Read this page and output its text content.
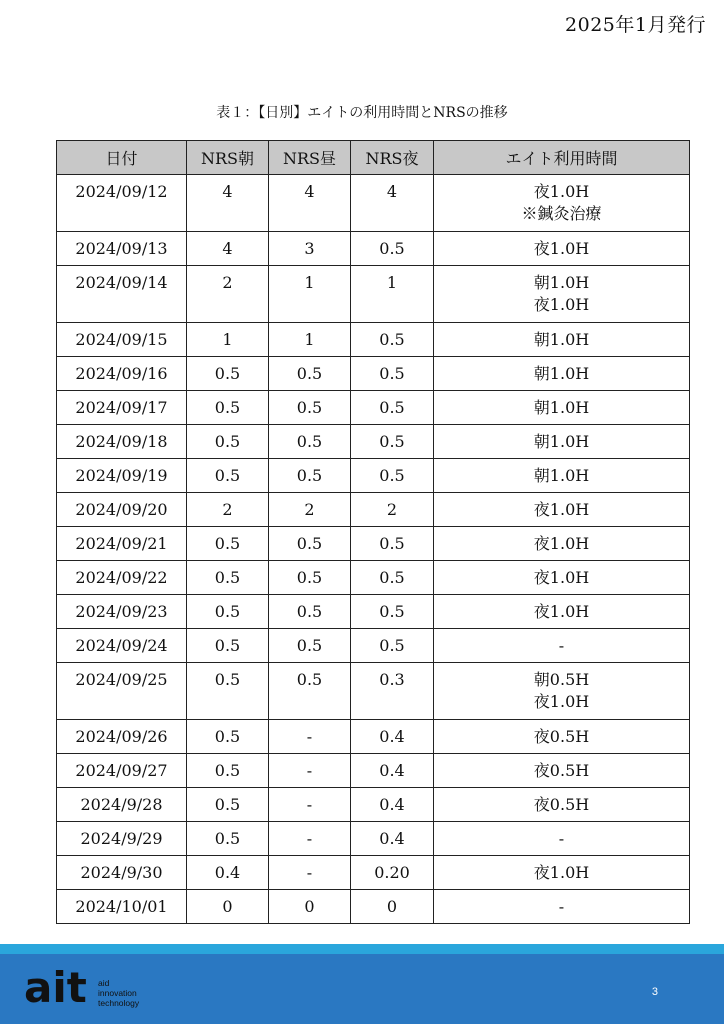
2025年1月発行
表１：【日別】エイトの利用時間とNRSの推移
日付	NRS朝	NRS昼	NRS夜	エイト利用時間
2024/09/12	4	4	4	夜1.0H
※鍼灸治療

2024/09/13	4	3	0.5	夜1.0H

2024/09/14	2	1	1	朝1.0H
夜1.0H

2024/09/15	1	1	0.5	朝1.0H

2024/09/16	0.5	0.5	0.5	朝1.0H

2024/09/17	0.5	0.5	0.5	朝1.0H

2024/09/18	0.5	0.5	0.5	朝1.0H

2024/09/19	0.5	0.5	0.5	朝1.0H

2024/09/20	2	2	2	夜1.0H

2024/09/21	0.5	0.5	0.5	夜1.0H

2024/09/22	0.5	0.5	0.5	夜1.0H

2024/09/23	0.5	0.5	0.5	夜1.0H

2024/09/24	0.5	0.5	0.5	-

2024/09/25	0.5	0.5	0.3	朝0.5H
夜1.0H

2024/09/26	0.5	-	0.4	夜0.5H

2024/09/27	0.5	-	0.4	夜0.5H

2024/9/28	0.5	-	0.4	夜0.5H

2024/9/29	0.5	-	0.4	-

2024/9/30	0.4	-	0.20	夜1.0H

2024/10/01	0	0	0	-
ait aid
innovation
technology
3
